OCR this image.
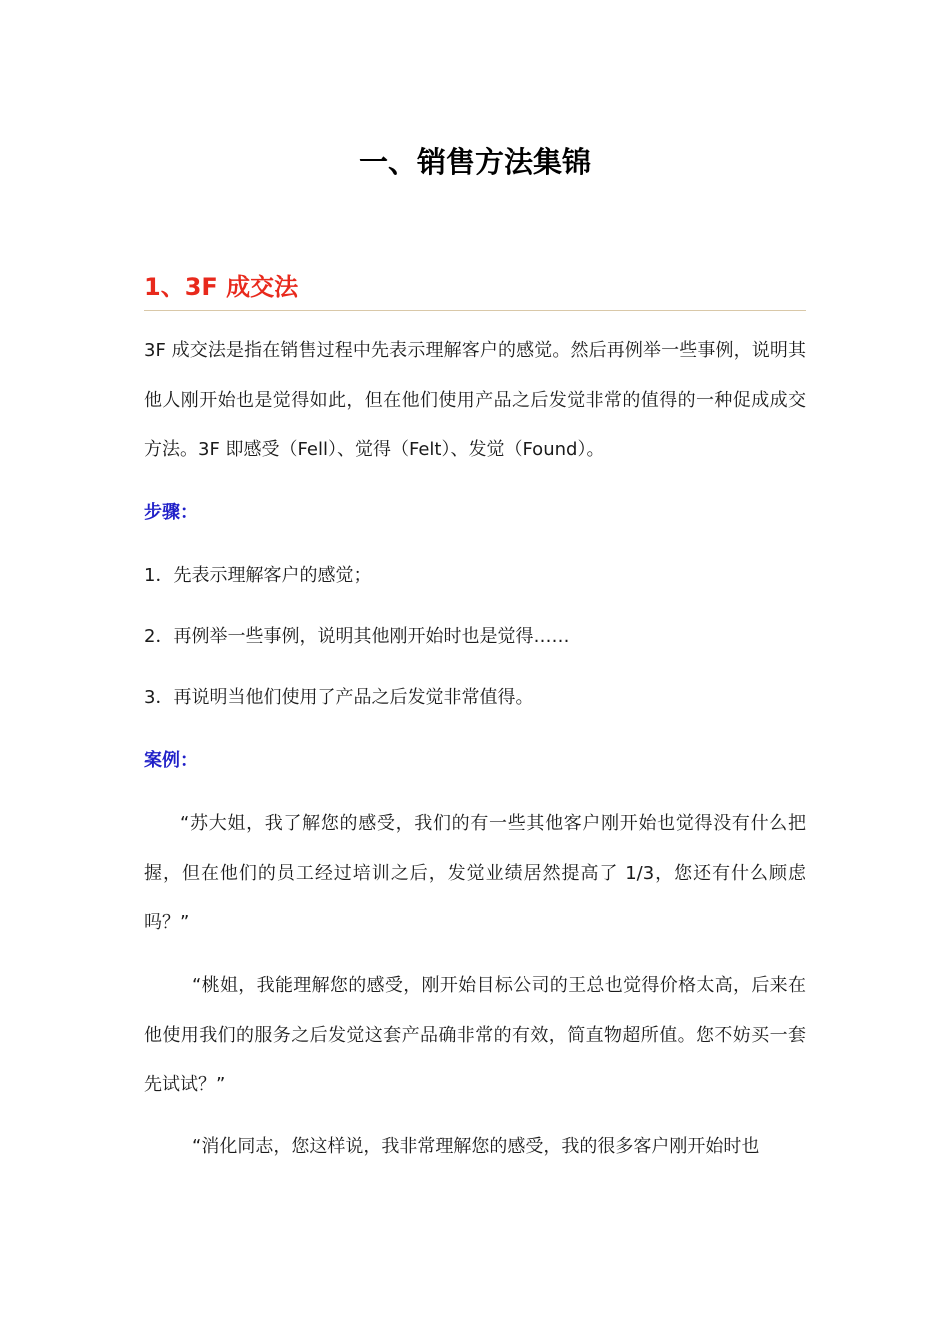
一、销售方法集锦
1、3F 成交法

3F 成交法是指在销售过程中先表示理解客户的感觉。然后再例举一些事例，说明其他人刚开始也是觉得如此，但在他们使用产品之后发觉非常的值得的一种促成成交方法。3F 即感受（Fell）、觉得（Felt）、发觉（Found）。

步骤：

1．先表示理解客户的感觉；

2．再例举一些事例，说明其他刚开始时也是觉得……

3．再说明当他们使用了产品之后发觉非常值得。

案例：

“苏大姐，我了解您的感受，我们的有一些其他客户刚开始也觉得没有什么把握，但在他们的员工经过培训之后，发觉业绩居然提高了 1/3，您还有什么顾虑吗？”

“桃姐，我能理解您的感受，刚开始目标公司的王总也觉得价格太高，后来在他使用我们的服务之后发觉这套产品确非常的有效，简直物超所值。您不妨买一套先试试？”

“消化同志，您这样说，我非常理解您的感受，我的很多客户刚开始时也
